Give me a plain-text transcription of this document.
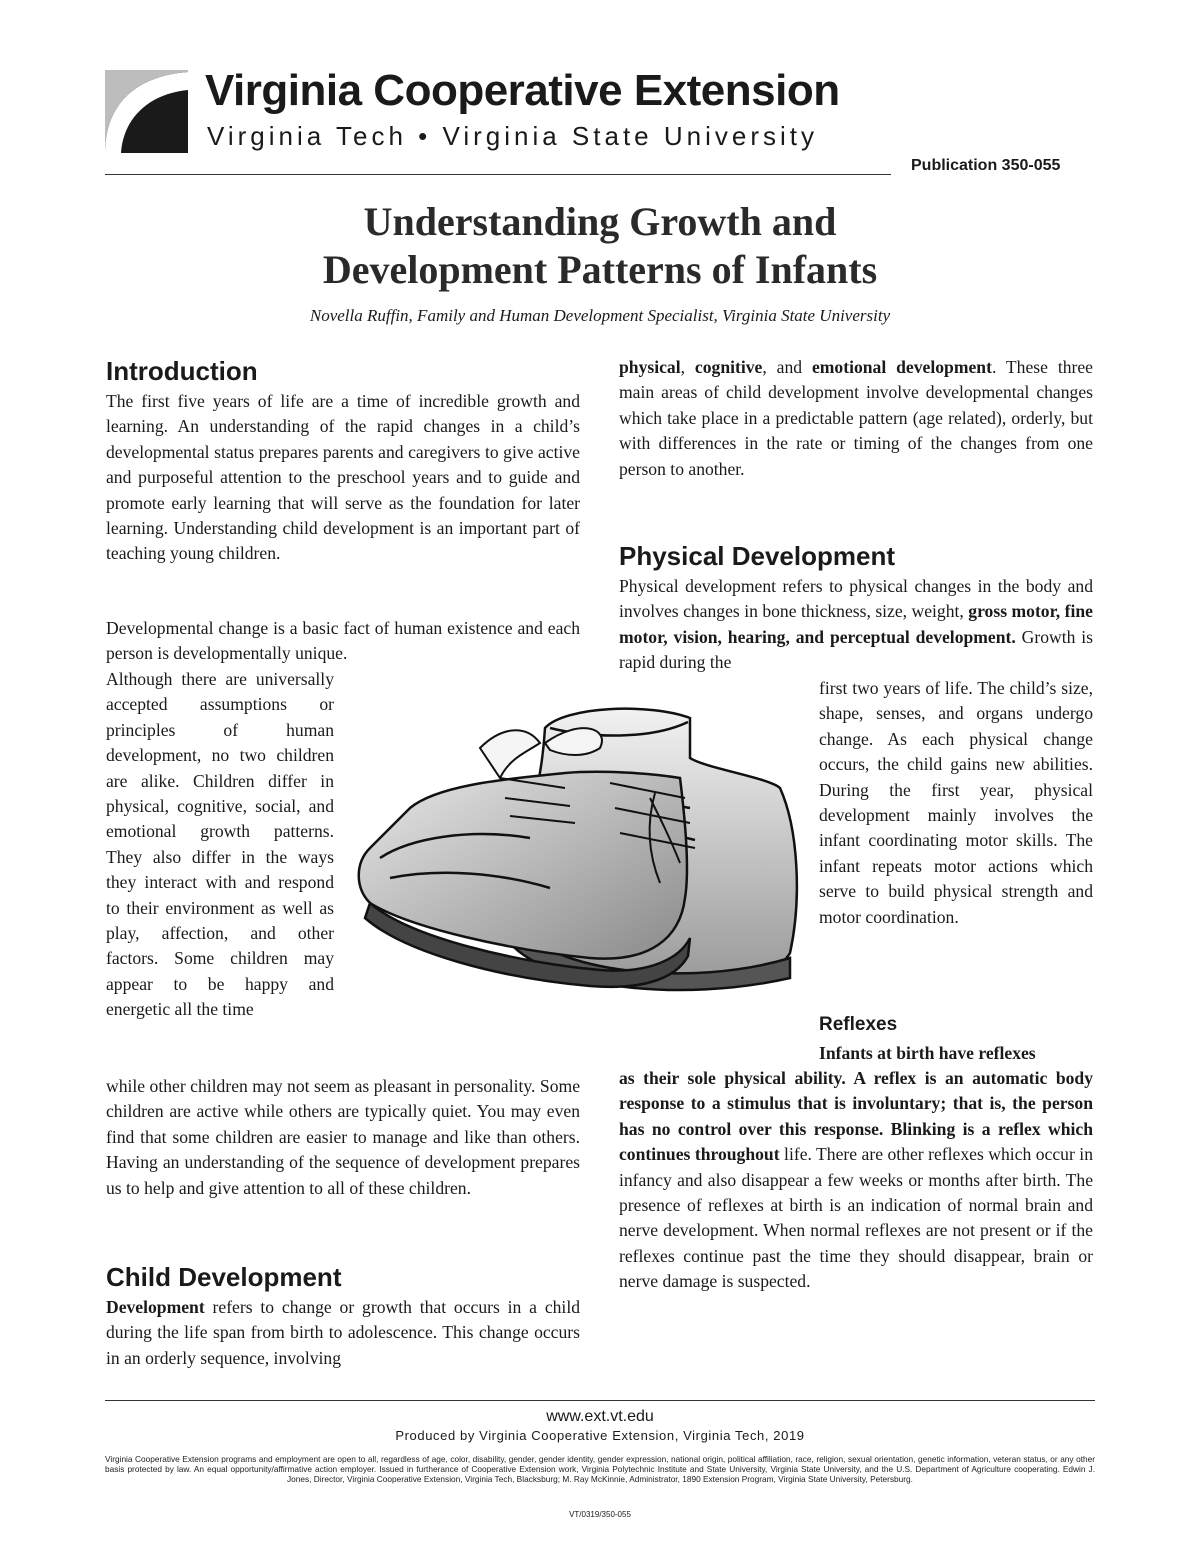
Virginia Cooperative Extension
Virginia Tech • Virginia State University
Publication 350-055
Understanding Growth and
Development Patterns of Infants
Novella Ruffin, Family and Human Development Specialist, Virginia State University
Introduction
The first five years of life are a time of incredible growth and learning. An understanding of the rapid changes in a child’s developmental status prepares parents and caregivers to give active and purposeful attention to the preschool years and to guide and promote early learning that will serve as the foundation for later learning. Understanding child development is an important part of teaching young children.
Developmental change is a basic fact of human existence and each person is developmentally unique.
Although there are universally accepted assumptions or principles of human development, no two children are alike. Children differ in physical, cognitive, social, and emotional growth patterns. They also differ in the ways they interact with and respond to their environment as well as play, affection, and other factors. Some children may appear to be happy and energetic all the time
while other children may not seem as pleasant in personality. Some children are active while others are typically quiet. You may even find that some children are easier to manage and like than others. Having an understanding of the sequence of development prepares us to help and give attention to all of these children.
Child Development
Development refers to change or growth that occurs in a child during the life span from birth to adolescence. This change occurs in an orderly sequence, involving
physical, cognitive, and emotional development. These three main areas of child development involve developmental changes which take place in a predictable pattern (age related), orderly, but with differences in the rate or timing of the changes from one person to another.
Physical Development
Physical development refers to physical changes in the body and involves changes in bone thickness, size, weight, gross motor, fine motor, vision, hearing, and perceptual development. Growth is rapid during the
first two years of life. The child’s size, shape, senses, and organs undergo change. As each physical change occurs, the child gains new abilities. During the first year, physical development mainly involves the infant coordinating motor skills. The infant repeats motor actions which serve to build physical strength and motor coordination.
Reflexes
Infants at birth have reflexes
as their sole physical ability. A reflex is an automatic body response to a stimulus that is involuntary; that is, the person has no control over this response. Blinking is a reflex which continues throughout life. There are other reflexes which occur in infancy and also disappear a few weeks or months after birth. The presence of reflexes at birth is an indication of normal brain and nerve development. When normal reflexes are not present or if the reflexes continue past the time they should disappear, brain or nerve damage is suspected.
www.ext.vt.edu
Produced by Virginia Cooperative Extension, Virginia Tech, 2019
Virginia Cooperative Extension programs and employment are open to all, regardless of age, color, disability, gender, gender identity, gender expression, national origin, political affiliation, race, religion, sexual orientation, genetic information, veteran status, or any other basis protected by law. An equal opportunity/affirmative action employer. Issued in furtherance of Cooperative Extension work, Virginia Polytechnic Institute and State University, Virginia State University, and the U.S. Department of Agriculture cooperating. Edwin J. Jones, Director, Virginia Cooperative Extension, Virginia Tech, Blacksburg; M. Ray McKinnie, Administrator, 1890 Extension Program, Virginia State University, Petersburg.
VT/0319/350-055
